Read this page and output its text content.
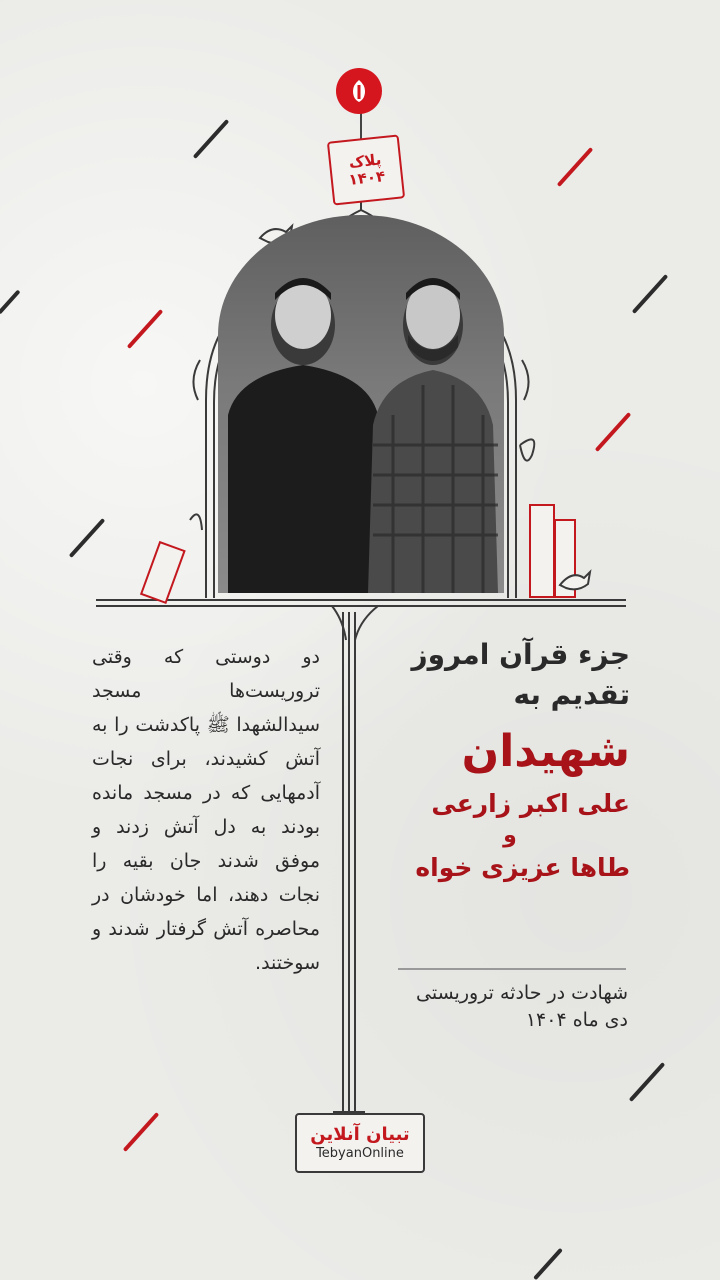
پلاک
۱۴۰۴
جزء قرآن امروز
تقدیم به
شهیدان
علی اکبر زارعی
و
طاها عزیزی خواه
شهادت در حادثه تروریستی
دی ماه ۱۴۰۴
دو دوستی که وقتی تروریست‌ها مسجد سیدالشهدا ﷺ پاکدشت را به آتش کشیدند، برای نجات آدمهایی که در مسجد مانده بودند به دل آتش زدند و موفق شدند جان بقیه را نجات دهند، اما خودشان در محاصره آتش گرفتار شدند و سوختند.
تبیان آنلاین
TebyanOnline
